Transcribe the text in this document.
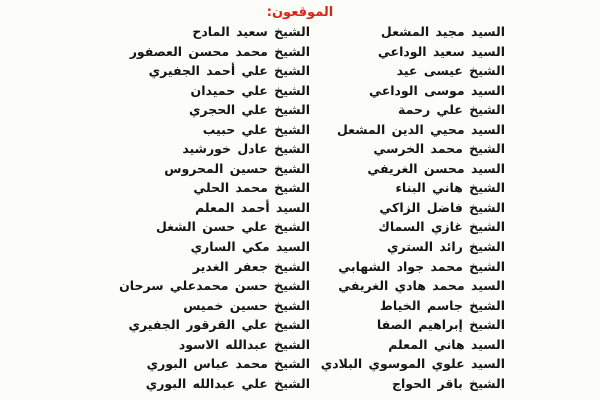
الموقعون:
السيد مجيد المشعل
السيد سعيد الوداعي
الشيخ عيسى عيد
السيد موسى الوداعي
الشيخ علي رحمة
السيد محيي الدين المشعل
الشيخ محمد الخرسي
السيد محسن الغريفي
الشيخ هاني البناء
الشيخ فاضل الزاكي
الشيخ غازي السماك
الشيخ رائد الستري
الشيخ محمد جواد الشهابي
السيد محمد هادي الغريفي
الشيخ جاسم الخياط
الشيخ إبراهيم الصفا
السيد هاني المعلم
السيد علوي الموسوي البلادي
الشيخ باقر الحواج
الشيخ سعيد المادح
الشيخ محمد محسن العصفور
الشيخ علي أحمد الجفيري
الشيخ علي حميدان
الشيخ علي الحجري
الشيخ علي حبيب
الشيخ عادل خورشيد
الشيخ حسين المحروس
الشيخ محمد الحلي
السيد أحمد المعلم
الشيخ علي حسن الشغل
السيد مكي الساري
الشيخ جعفر الغدير
الشيخ حسن محمدعلي سرحان
الشيخ حسين خميس
الشيخ علي القرقور الجفيري
الشيخ عبدالله الاسود
الشيخ محمد عباس البوري
الشيخ علي عبدالله البوري
